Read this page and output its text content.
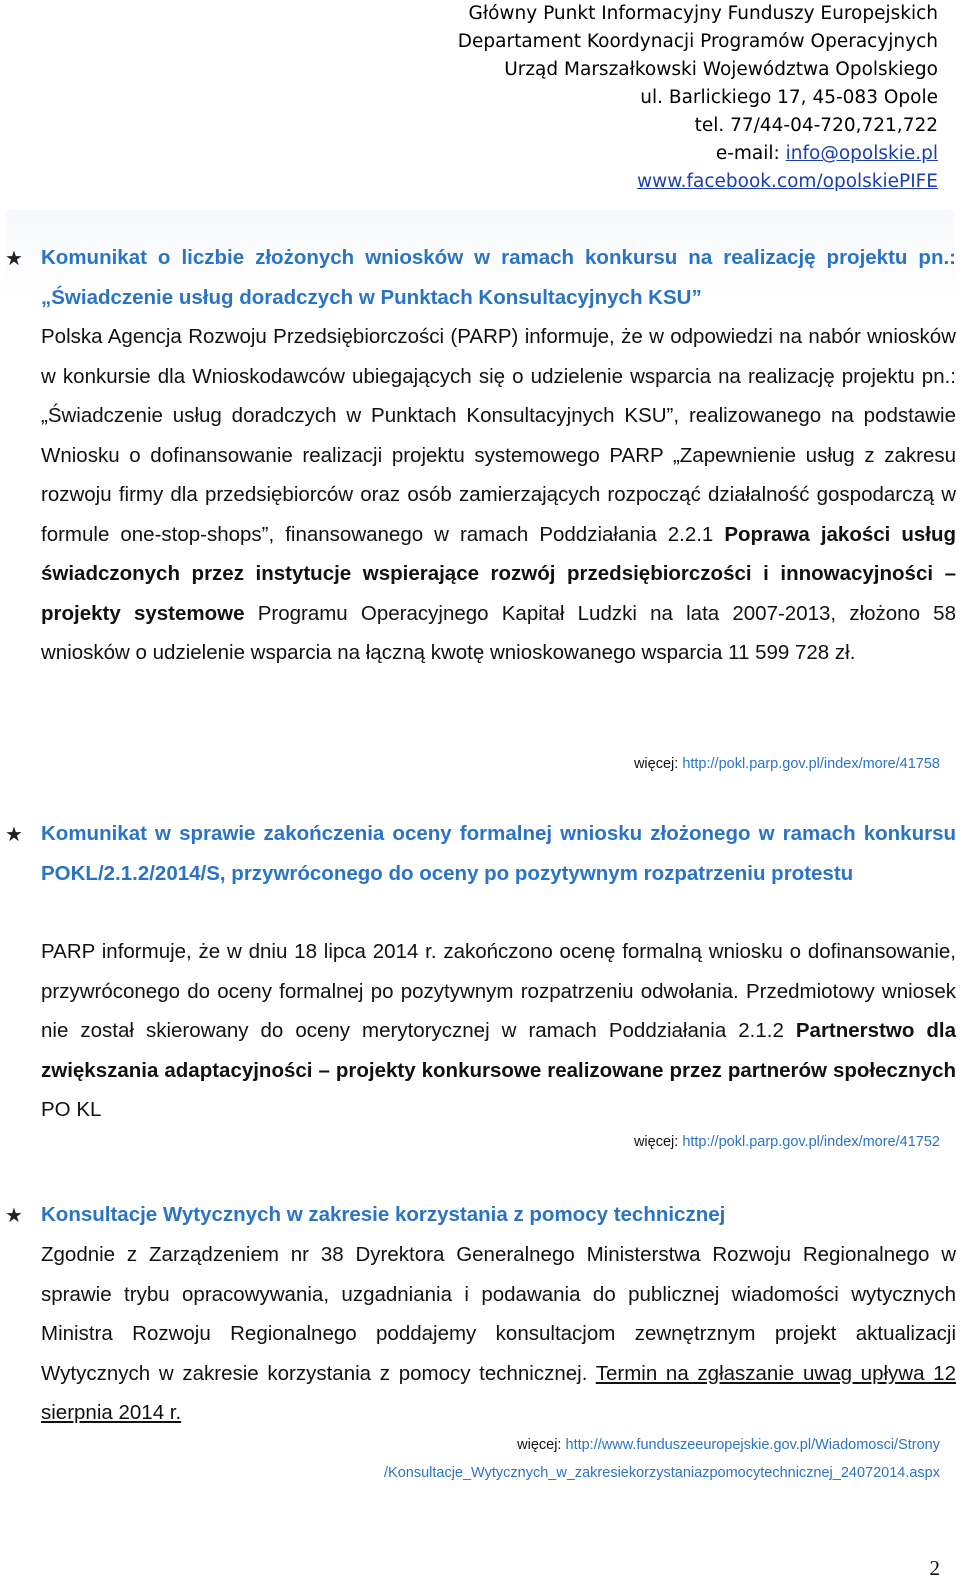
Główny Punkt Informacyjny Funduszy Europejskich
Departament Koordynacji Programów Operacyjnych
Urząd Marszałkowski Województwa Opolskiego
ul. Barlickiego 17, 45-083 Opole
tel. 77/44-04-720,721,722
e-mail: info@opolskie.pl
www.facebook.com/opolskiePIFE
★ Komunikat o liczbie złożonych wniosków w ramach konkursu na realizację projektu pn.: „Świadczenie usług doradczych w Punktach Konsultacyjnych KSU”

Polska Agencja Rozwoju Przedsiębiorczości (PARP) informuje, że w odpowiedzi na nabór wniosków w konkursie dla Wnioskodawców ubiegających się o udzielenie wsparcia na realizację projektu pn.: „Świadczenie usług doradczych w Punktach Konsultacyjnych KSU”, realizowanego na podstawie Wniosku o dofinansowanie realizacji projektu systemowego PARP „Zapewnienie usług z zakresu rozwoju firmy dla przedsiębiorców oraz osób zamierzających rozpocząć działalność gospodarczą w formule one-stop-shops”, finansowanego w ramach Poddziałania 2.2.1 Poprawa jakości usług świadczonych przez instytucje wspierające rozwój przedsiębiorczości i innowacyjności – projekty systemowe Programu Operacyjnego Kapitał Ludzki na lata 2007-2013, złożono 58 wniosków o udzielenie wsparcia na łączną kwotę wnioskowanego wsparcia 11 599 728 zł.

więcej: http://pokl.parp.gov.pl/index/more/41758
★ Komunikat w sprawie zakończenia oceny formalnej wniosku złożonego w ramach konkursu POKL/2.1.2/2014/S, przywróconego do oceny po pozytywnym rozpatrzeniu protestu

PARP informuje, że w dniu 18 lipca 2014 r. zakończono ocenę formalną wniosku o dofinansowanie, przywróconego do oceny formalnej po pozytywnym rozpatrzeniu odwołania. Przedmiotowy wniosek nie został skierowany do oceny merytorycznej w ramach Poddziałania 2.1.2 Partnerstwo dla zwiększania adaptacyjności – projekty konkursowe realizowane przez partnerów społecznych PO KL

więcej: http://pokl.parp.gov.pl/index/more/41752
★ Konsultacje Wytycznych w zakresie korzystania z pomocy technicznej

Zgodnie z Zarządzeniem nr 38 Dyrektora Generalnego Ministerstwa Rozwoju Regionalnego w sprawie trybu opracowywania, uzgadniania i podawania do publicznej wiadomości wytycznych Ministra Rozwoju Regionalnego poddajemy konsultacjom zewnętrznym projekt aktualizacji Wytycznych w zakresie korzystania z pomocy technicznej. Termin na zgłaszanie uwag upływa 12 sierpnia 2014 r.

więcej: http://www.funduszeeuropejskie.gov.pl/Wiadomosci/Strony
/Konsultacje_Wytycznych_w_zakresiekorzystaniazpomocytechnicznej_24072014.aspx
2
